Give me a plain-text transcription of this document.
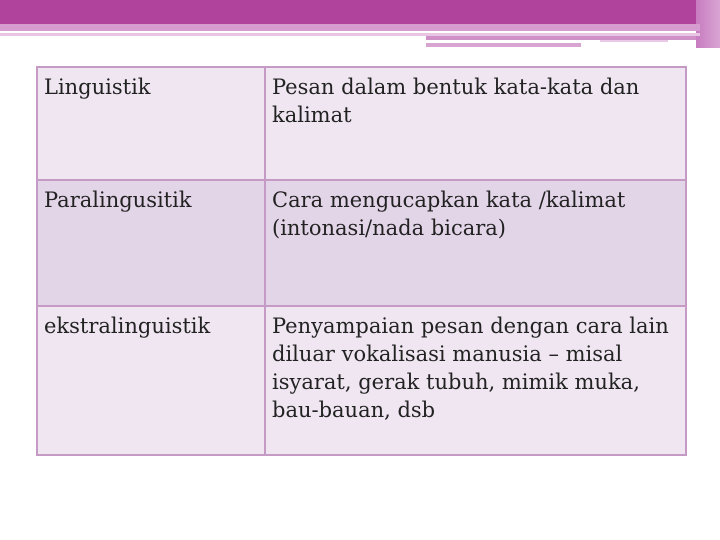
Linguistik	Pesan dalam bentuk kata-kata dan kalimat
Paralingusitik	Cara mengucapkan kata /kalimat (intonasi/nada bicara)
ekstralinguistik	Penyampaian pesan dengan cara lain diluar vokalisasi manusia – misal isyarat, gerak tubuh, mimik muka, bau-bauan, dsb
